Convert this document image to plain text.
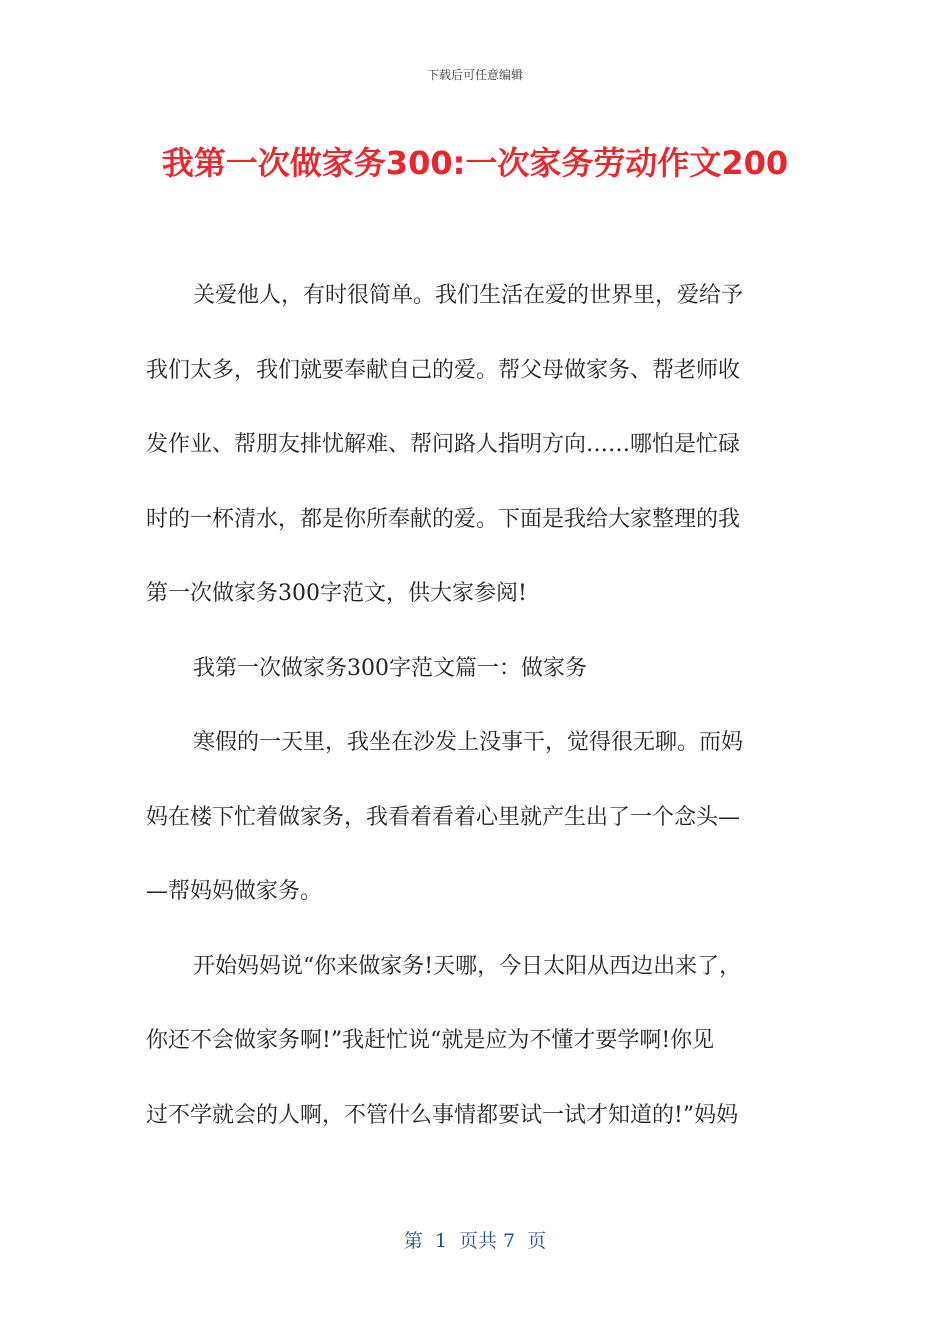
下载后可任意编辑
我第一次做家务300:一次家务劳动作文200
关爱他人，有时很简单。我们生活在爱的世界里，爱给予
我们太多，我们就要奉献自己的爱。帮父母做家务、帮老师收
发作业、帮朋友排忧解难、帮问路人指明方向……哪怕是忙碌
时的一杯清水，都是你所奉献的爱。下面是我给大家整理的我
第一次做家务300字范文，供大家参阅!
我第一次做家务300字范文篇一：做家务
寒假的一天里，我坐在沙发上没事干，觉得很无聊。而妈
妈在楼下忙着做家务，我看着看着心里就产生出了一个念头—
—帮妈妈做家务。
开始妈妈说“你来做家务!天哪，今日太阳从西边出来了，
你还不会做家务啊!”我赶忙说“就是应为不懂才要学啊!你见
过不学就会的人啊，不管什么事情都要试一试才知道的!”妈妈
第  1  页共 7  页
